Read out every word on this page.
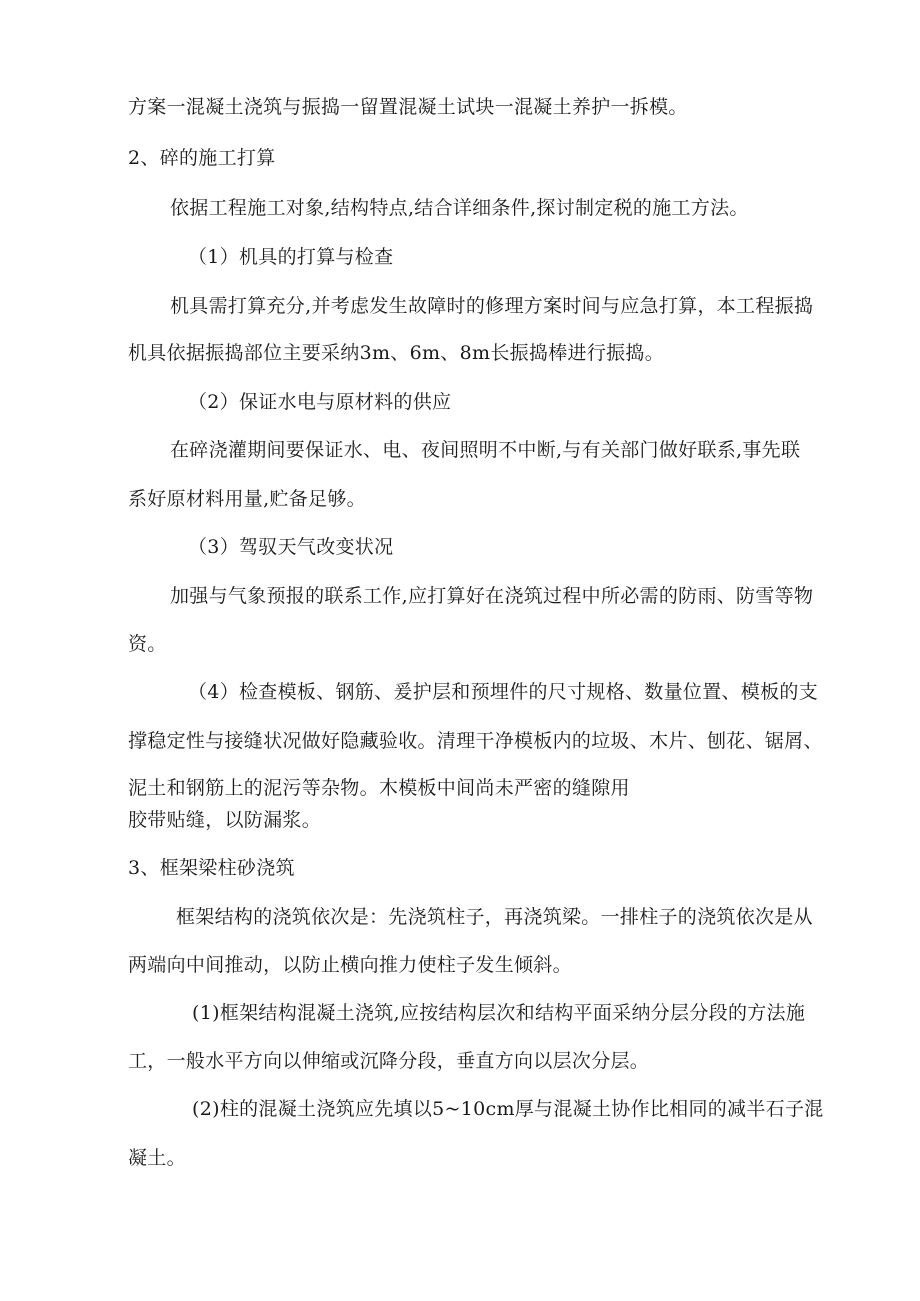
方案一混凝土浇筑与振捣一留置混凝土试块一混凝土养护一拆模。
2、碎的施工打算
依据工程施工对象,结构特点,结合详细条件,探讨制定税的施工方法。
（1）机具的打算与检查
机具需打算充分,并考虑发生故障时的修理方案时间与应急打算，本工程振捣
机具依据振捣部位主要采纳3m、6m、8m长振捣棒进行振捣。
（2）保证水电与原材料的供应
在碎浇灌期间要保证水、电、夜间照明不中断,与有关部门做好联系,事先联
系好原材料用量,贮备足够。
（3）驾驭天气改变状况
加强与气象预报的联系工作,应打算好在浇筑过程中所必需的防雨、防雪等物
资。
（4）检查模板、钢筋、爰护层和预埋件的尺寸规格、数量位置、模板的支
撑稳定性与接缝状况做好隐藏验收。清理干净模板内的垃圾、木片、刨花、锯屑、
泥土和钢筋上的泥污等杂物。木模板中间尚未严密的缝隙用
胶带贴缝，以防漏浆。
3、框架梁柱砂浇筑
框架结构的浇筑依次是：先浇筑柱子，再浇筑梁。一排柱子的浇筑依次是从
两端向中间推动，以防止横向推力使柱子发生倾斜。
(1)框架结构混凝土浇筑,应按结构层次和结构平面采纳分层分段的方法施
工，一般水平方向以伸缩或沉降分段，垂直方向以层次分层。
(2)柱的混凝土浇筑应先填以5~10cm厚与混凝土协作比相同的减半石子混
凝土。
